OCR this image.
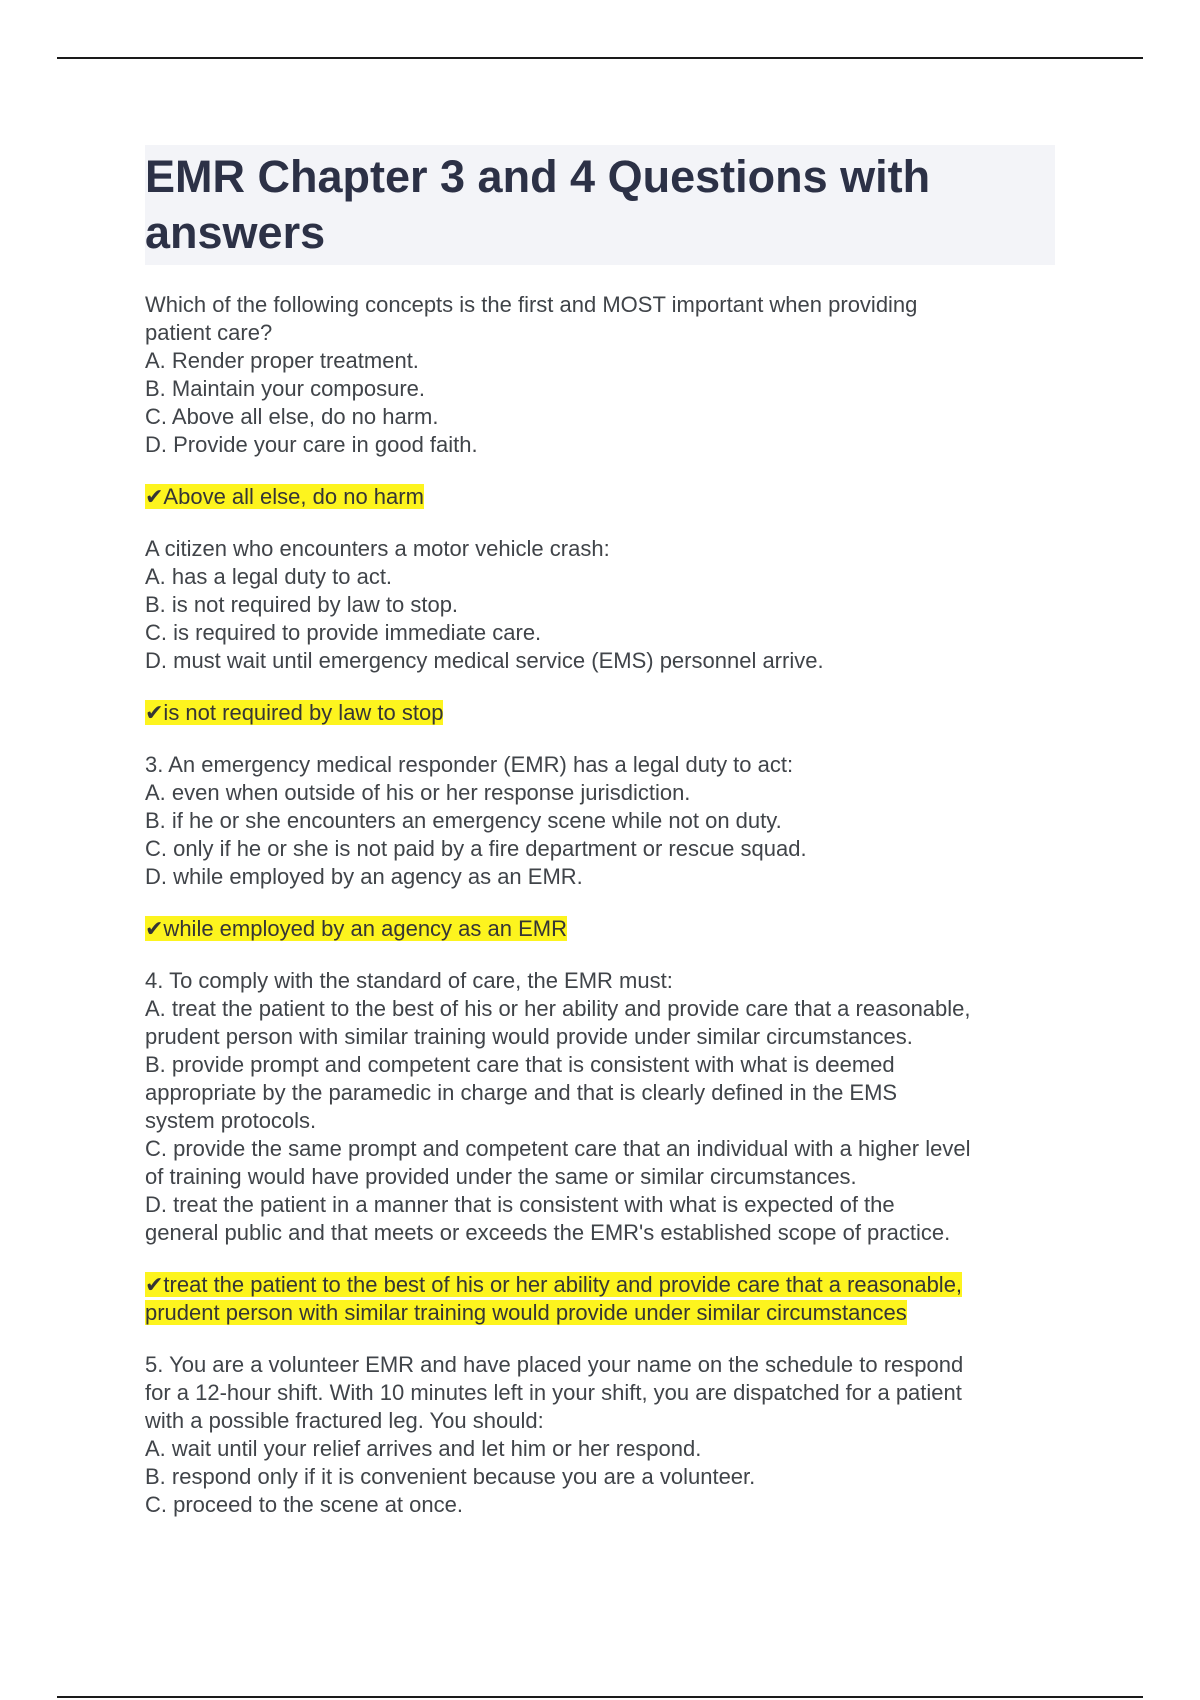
EMR Chapter 3 and 4 Questions with
answers
Which of the following concepts is the first and MOST important when providing
patient care?
A. Render proper treatment.
B. Maintain your composure.
C. Above all else, do no harm.
D. Provide your care in good faith.
✔Above all else, do no harm
A citizen who encounters a motor vehicle crash:
A. has a legal duty to act.
B. is not required by law to stop.
C. is required to provide immediate care.
D. must wait until emergency medical service (EMS) personnel arrive.
✔is not required by law to stop
3. An emergency medical responder (EMR) has a legal duty to act:
A. even when outside of his or her response jurisdiction.
B. if he or she encounters an emergency scene while not on duty.
C. only if he or she is not paid by a fire department or rescue squad.
D. while employed by an agency as an EMR.
✔while employed by an agency as an EMR
4. To comply with the standard of care, the EMR must:
A. treat the patient to the best of his or her ability and provide care that a reasonable,
prudent person with similar training would provide under similar circumstances.
B. provide prompt and competent care that is consistent with what is deemed
appropriate by the paramedic in charge and that is clearly defined in the EMS
system protocols.
C. provide the same prompt and competent care that an individual with a higher level
of training would have provided under the same or similar circumstances.
D. treat the patient in a manner that is consistent with what is expected of the
general public and that meets or exceeds the EMR's established scope of practice.
✔treat the patient to the best of his or her ability and provide care that a reasonable,
prudent person with similar training would provide under similar circumstances
5. You are a volunteer EMR and have placed your name on the schedule to respond
for a 12-hour shift. With 10 minutes left in your shift, you are dispatched for a patient
with a possible fractured leg. You should:
A. wait until your relief arrives and let him or her respond.
B. respond only if it is convenient because you are a volunteer.
C. proceed to the scene at once.
